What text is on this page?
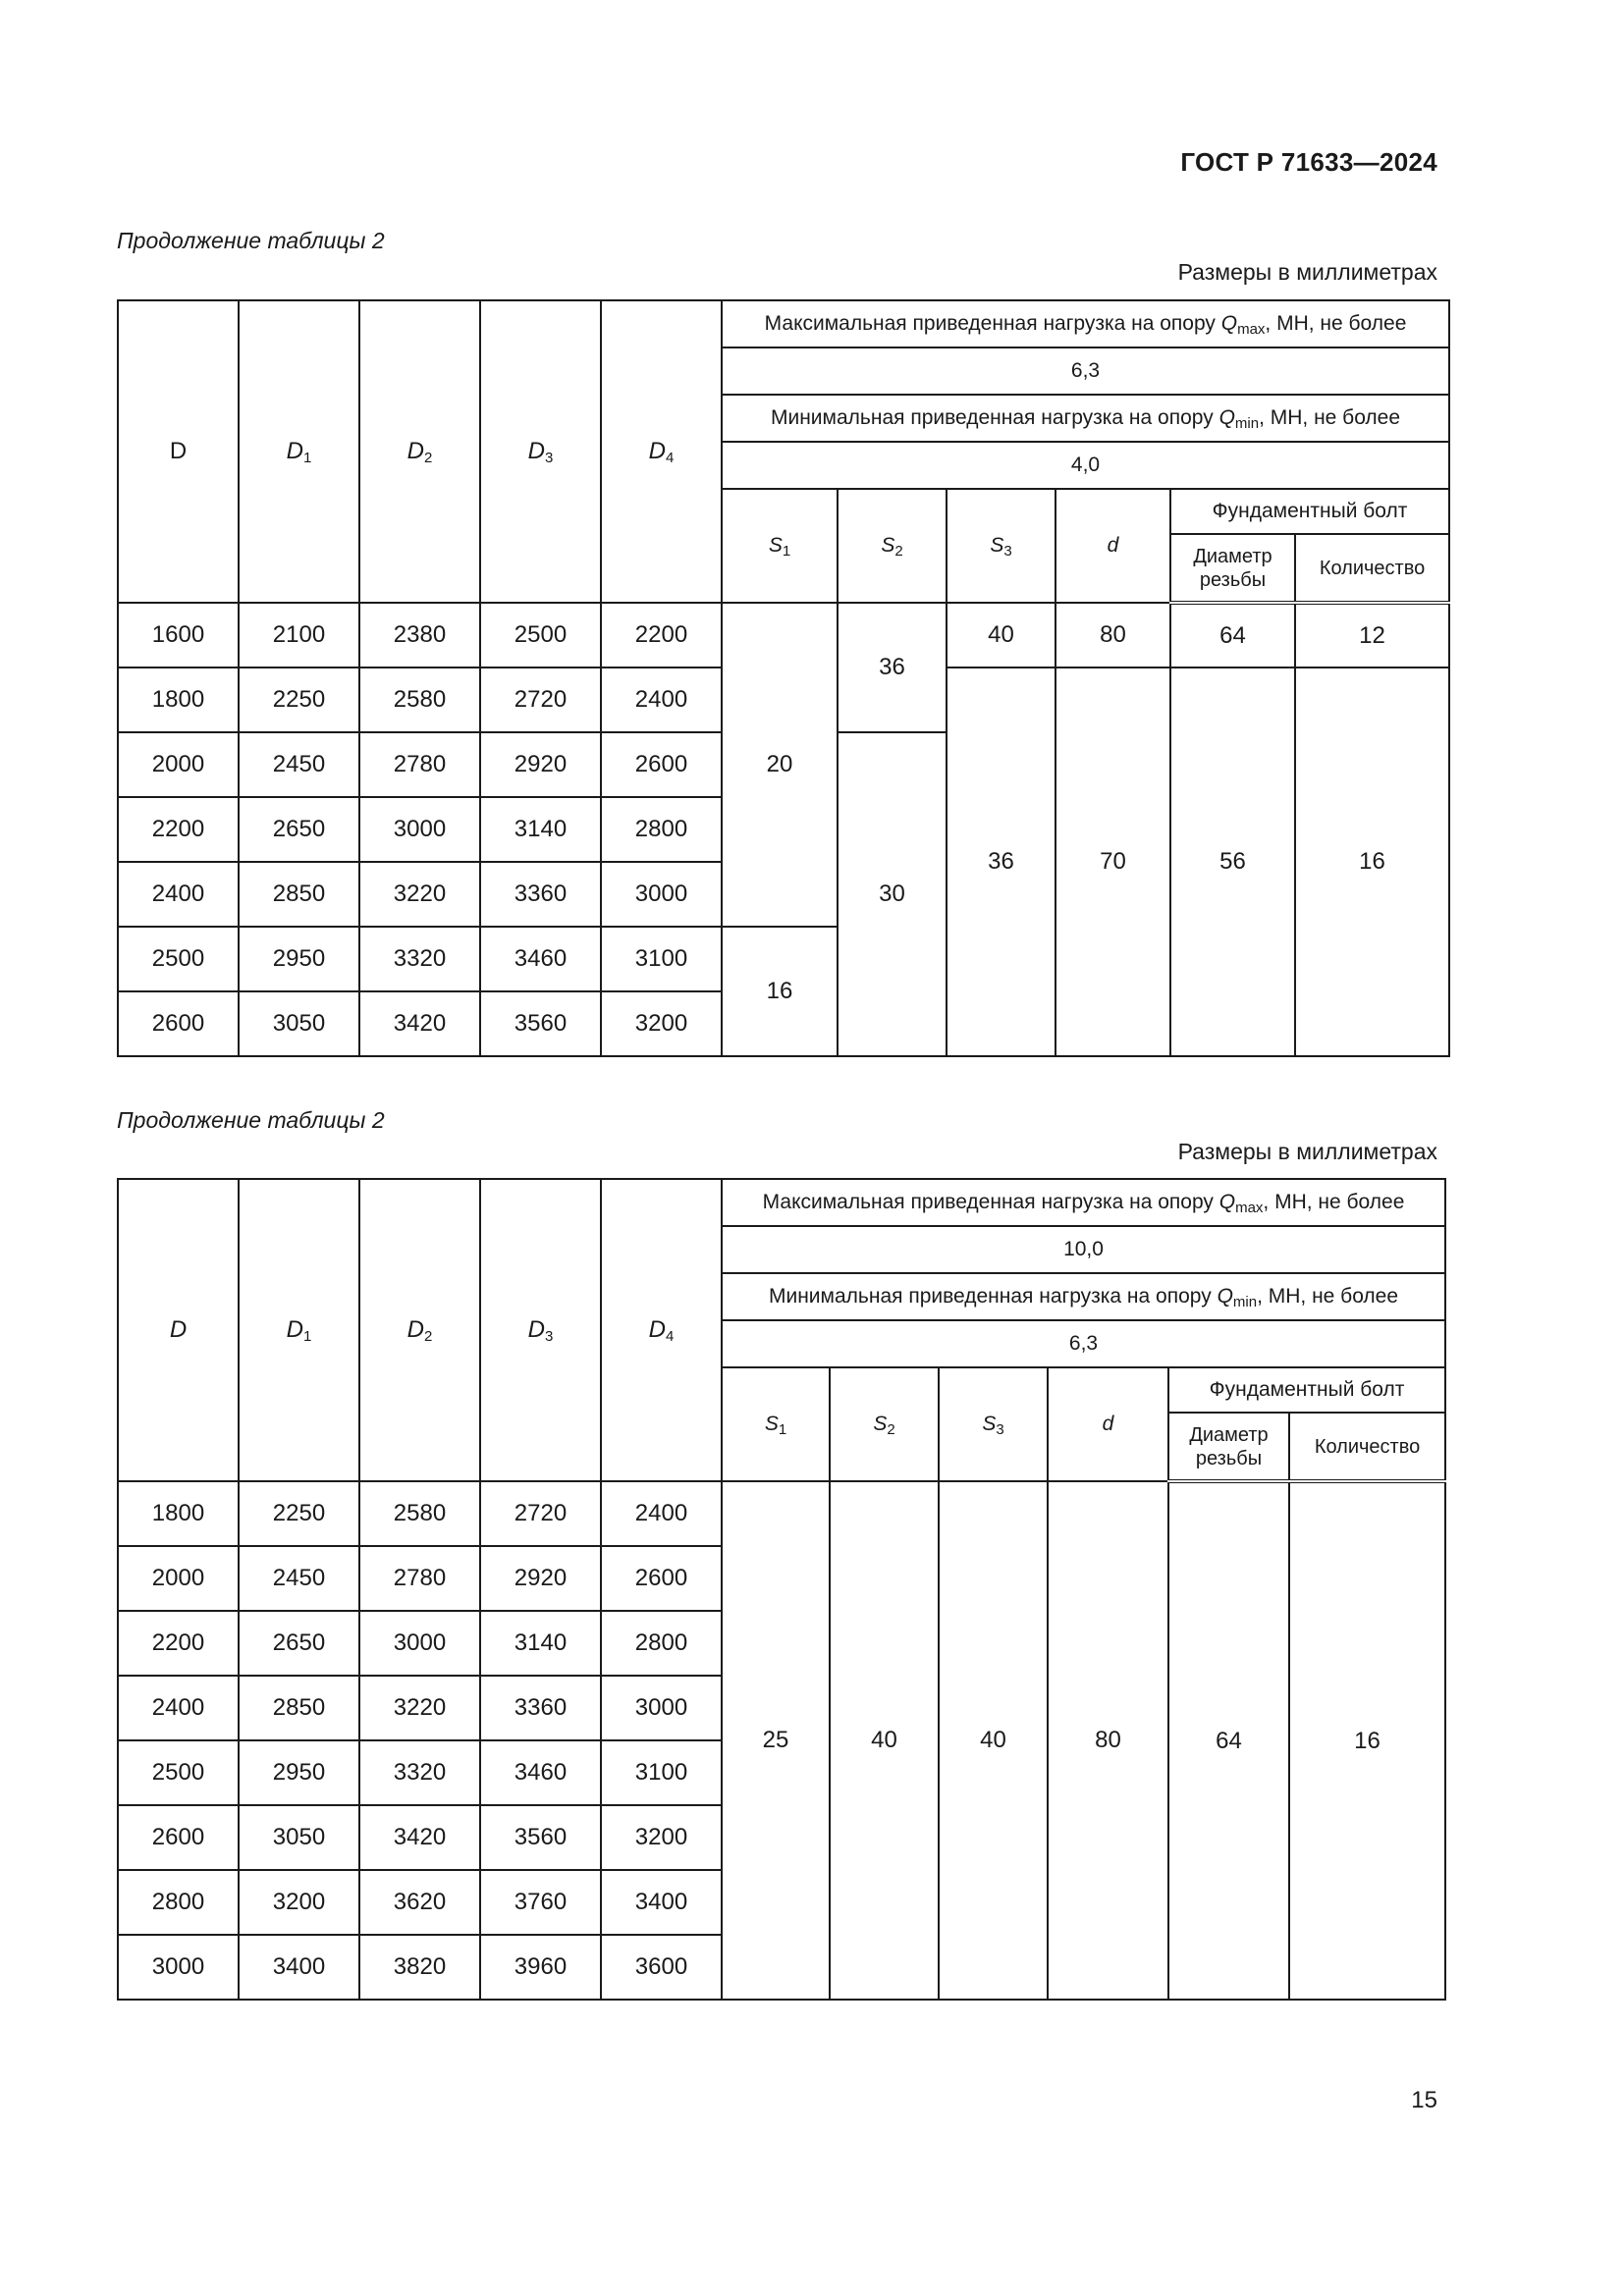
ГОСТ Р 71633—2024
Продолжение таблицы 2
Размеры в миллиметрах
D	$D_1$	$D_2$	$D_3$	$D_4$	Максимальная приведенная нагрузка на опору $Q_{max}$, МН, не более					
					6,3					
					Минимальная приведенная нагрузка на опору $Q_{min}$, МН, не более					
					4,0					
					$S_1$	$S_2$	$S_3$	d	Фундаментный болт	
									Диаметр резьбы	Количество
1600	2100	2380	2500	2200	20	36	40	80	64	12
1800	2250	2580	2720	2400			36	70	56	16
2000	2450	2780	2920	2600		30				
2200	2650	3000	3140	2800						
2400	2850	3220	3360	3000						
2500	2950	3320	3460	3100	16					
2600	3050	3420	3560	3200						
Продолжение таблицы 2
Размеры в миллиметрах
D	$D_1$	$D_2$	$D_3$	$D_4$	Максимальная приведенная нагрузка на опору $Q_{max}$, МН, не более					
					10,0					
					Минимальная приведенная нагрузка на опору $Q_{min}$, МН, не более					
					6,3					
					$S_1$	$S_2$	$S_3$	d	Фундаментный болт	
									Диаметр резьбы	Количество
1800	2250	2580	2720	2400	25	40	40	80	64	16
2000	2450	2780	2920	2600						
2200	2650	3000	3140	2800						
2400	2850	3220	3360	3000						
2500	2950	3320	3460	3100						
2600	3050	3420	3560	3200						
2800	3200	3620	3760	3400						
3000	3400	3820	3960	3600						
15
